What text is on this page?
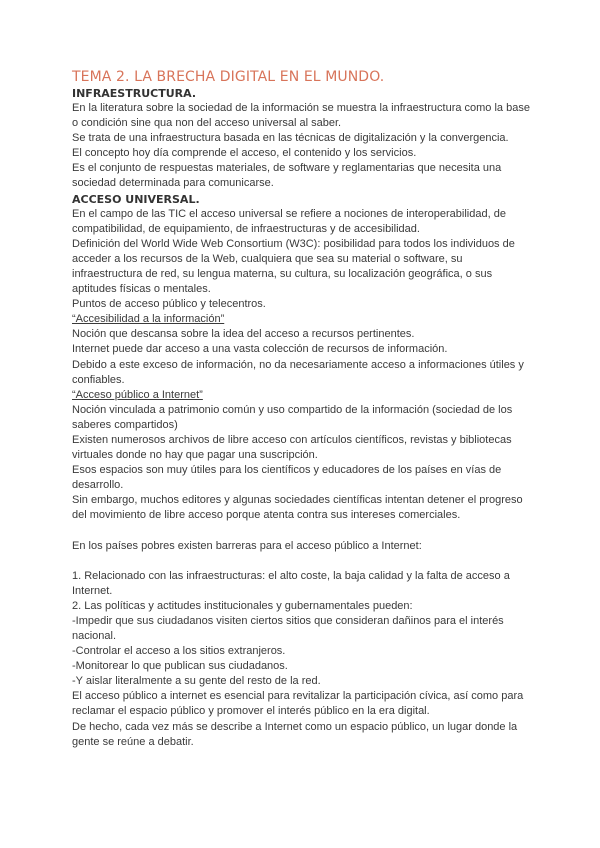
TEMA 2. LA BRECHA DIGITAL EN EL MUNDO.
INFRAESTRUCTURA.

En la literatura sobre la sociedad de la información se muestra la infraestructura como la base o condición sine qua non del acceso universal al saber.

Se trata de una infraestructura basada en las técnicas de digitalización y la convergencia.

El concepto hoy día comprende el acceso, el contenido y los servicios.

Es el conjunto de respuestas materiales, de software y reglamentarias que necesita una sociedad determinada para comunicarse.

ACCESO UNIVERSAL.

En el campo de las TIC el acceso universal se refiere a nociones de interoperabilidad, de compatibilidad, de equipamiento, de infraestructuras y de accesibilidad.

Definición del World Wide Web Consortium (W3C): posibilidad para todos los individuos de acceder a los recursos de la Web, cualquiera que sea su material o software, su infraestructura de red, su lengua materna, su cultura, su localización geográfica, o sus aptitudes físicas o mentales.

Puntos de acceso público y telecentros.

“Accesibilidad a la información”

Noción que descansa sobre la idea del acceso a recursos pertinentes.

Internet puede dar acceso a una vasta colección de recursos de información.

Debido a este exceso de información, no da necesariamente acceso a informaciones útiles y confiables.

“Acceso público a Internet”

Noción vinculada a patrimonio común y uso compartido de la información (sociedad de los saberes compartidos)

Existen numerosos archivos de libre acceso con artículos científicos, revistas y bibliotecas virtuales donde no hay que pagar una suscripción.

Esos espacios son muy útiles para los científicos y educadores de los países en vías de desarrollo.

Sin embargo, muchos editores y algunas sociedades científicas intentan detener el progreso del movimiento de libre acceso porque atenta contra sus intereses comerciales.

En los países pobres existen barreras para el acceso público a Internet:

1. Relacionado con las infraestructuras: el alto coste, la baja calidad y la falta de acceso a Internet.

2. Las políticas y actitudes institucionales y gubernamentales pueden:

-Impedir que sus ciudadanos visiten ciertos sitios que consideran dañinos para el interés nacional.

-Controlar el acceso a los sitios extranjeros.

-Monitorear lo que publican sus ciudadanos.

-Y aislar literalmente a su gente del resto de la red.

El acceso público a internet es esencial para revitalizar la participación cívica, así como para reclamar el espacio público y promover el interés público en la era digital.

De hecho, cada vez más se describe a Internet como un espacio público, un lugar donde la gente se reúne a debatir.
